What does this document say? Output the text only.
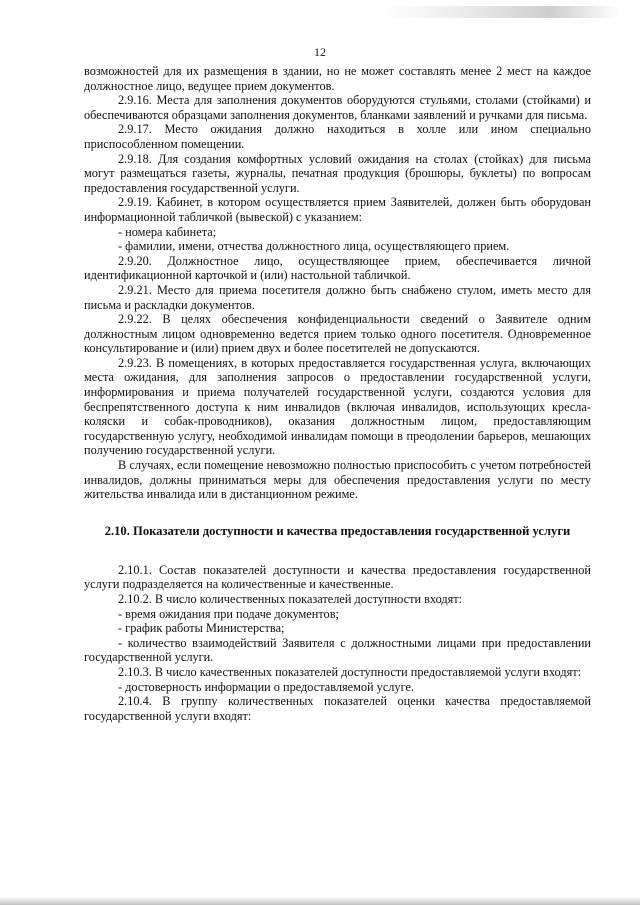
12

возможностей для их размещения в здании, но не может составлять менее 2 мест на каждое должностное лицо, ведущее прием документов.

2.9.16. Места для заполнения документов оборудуются стульями, столами (стойками) и обеспечиваются образцами заполнения документов, бланками заявлений и ручками для письма.

2.9.17. Место ожидания должно находиться в холле или ином специально приспособленном помещении.

2.9.18. Для создания комфортных условий ожидания на столах (стойках) для письма могут размещаться газеты, журналы, печатная продукция (брошюры, буклеты) по вопросам предоставления государственной услуги.

2.9.19. Кабинет, в котором осуществляется прием Заявителей, должен быть оборудован информационной табличкой (вывеской) с указанием:

- номера кабинета;

- фамилии, имени, отчества должностного лица, осуществляющего прием.

2.9.20. Должностное лицо, осуществляющее прием, обеспечивается личной идентификационной карточкой и (или) настольной табличкой.

2.9.21. Место для приема посетителя должно быть снабжено стулом, иметь место для письма и раскладки документов.

2.9.22. В целях обеспечения конфиденциальности сведений о Заявителе одним должностным лицом одновременно ведется прием только одного посетителя. Одновременное консультирование и (или) прием двух и более посетителей не допускаются.

2.9.23. В помещениях, в которых предоставляется государственная услуга, включающих места ожидания, для заполнения запросов о предоставлении государственной услуги, информирования и приема получателей государственной услуги, создаются условия для беспрепятственного доступа к ним инвалидов (включая инвалидов, использующих кресла-коляски и собак-проводников), оказания должностным лицом, предоставляющим государственную услугу, необходимой инвалидам помощи в преодолении барьеров, мешающих получению государственной услуги.

В случаях, если помещение невозможно полностью приспособить с учетом потребностей инвалидов, должны приниматься меры для обеспечения предоставления услуги по месту жительства инвалида или в дистанционном режиме.

2.10. Показатели доступности и качества предоставления государственной услуги

2.10.1. Состав показателей доступности и качества предоставления государственной услуги подразделяется на количественные и качественные.

2.10.2. В число количественных показателей доступности входят:

- время ожидания при подаче документов;

- график работы Министерства;

- количество взаимодействий Заявителя с должностными лицами при предоставлении государственной услуги.

2.10.3. В число качественных показателей доступности предоставляемой услуги входят:

- достоверность информации о предоставляемой услуге.

2.10.4. В группу количественных показателей оценки качества предоставляемой государственной услуги входят:
